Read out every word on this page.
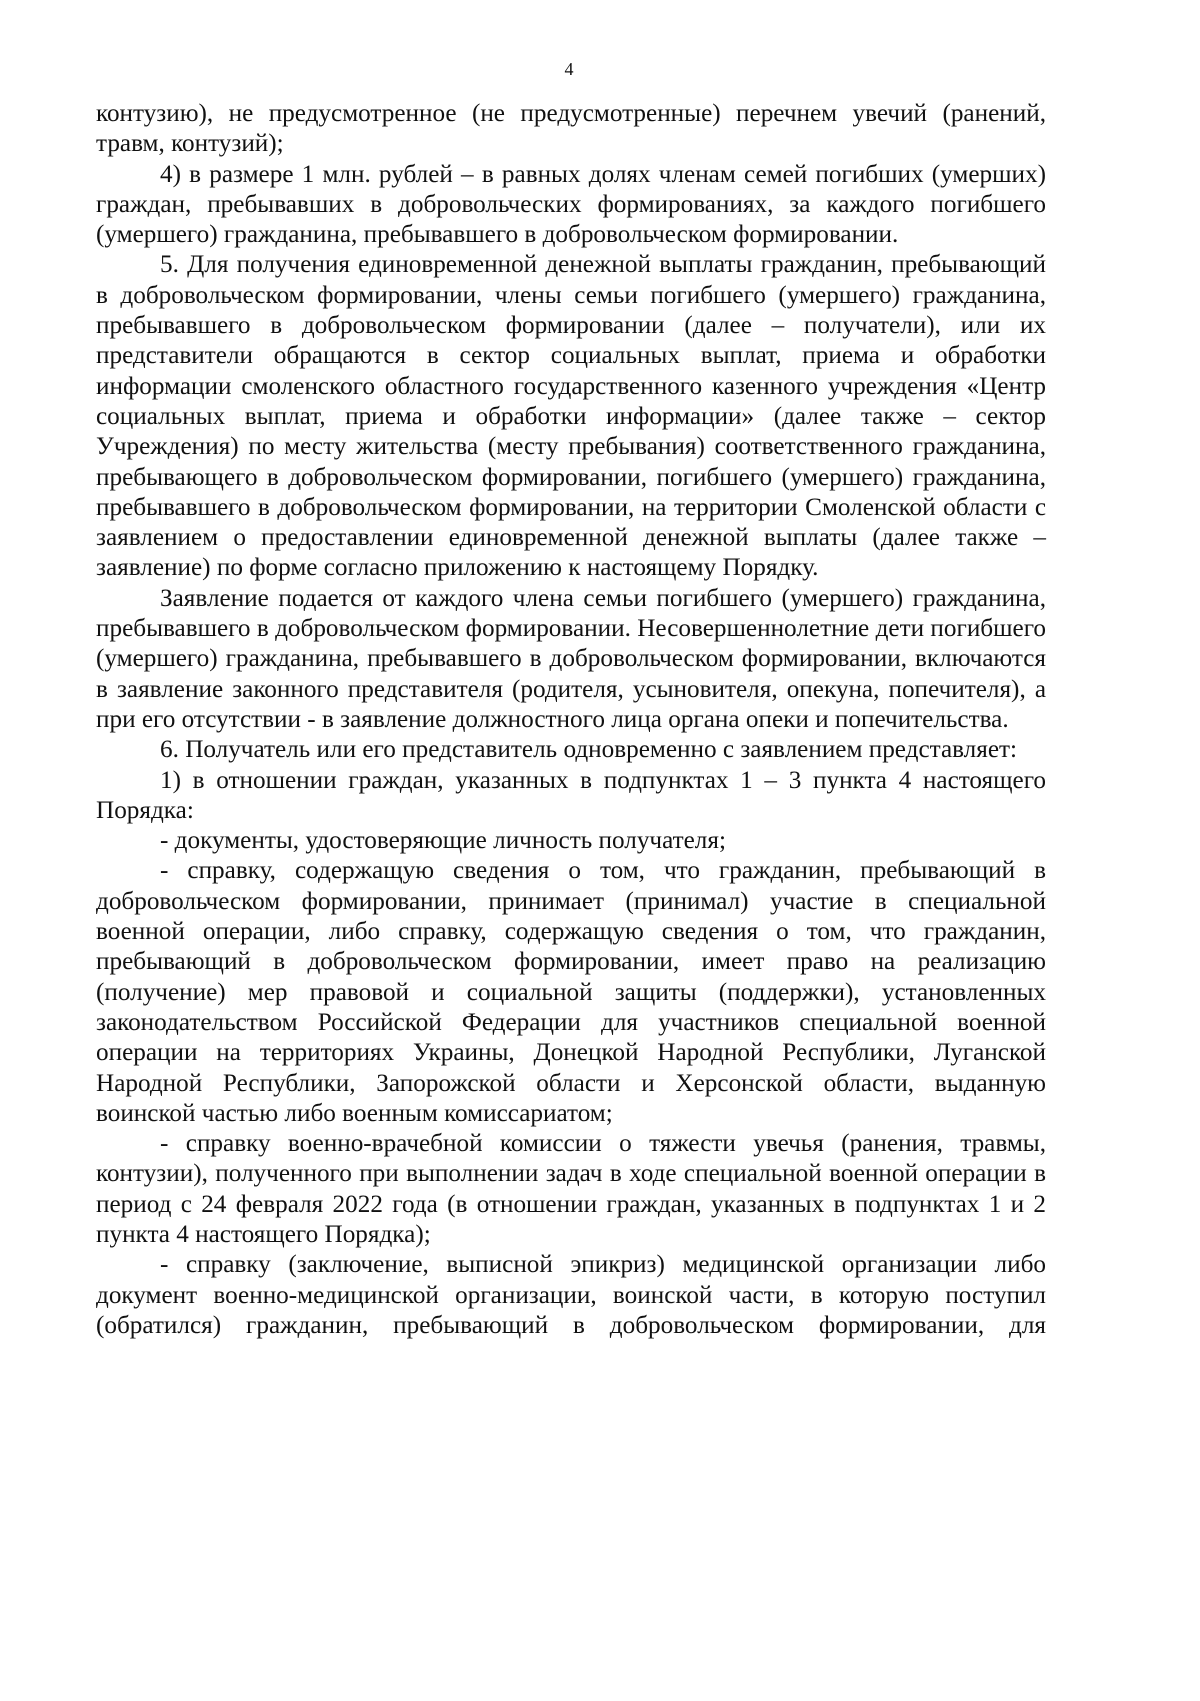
4

контузию), не предусмотренное (не предусмотренные) перечнем увечий (ранений, травм, контузий);

4) в размере 1 млн. рублей – в равных долях членам семей погибших (умерших) граждан, пребывавших в добровольческих формированиях, за каждого погибшего (умершего) гражданина, пребывавшего в добровольческом формировании.

5. Для получения единовременной денежной выплаты гражданин, пребывающий в добровольческом формировании, члены семьи погибшего (умершего) гражданина, пребывавшего в добровольческом формировании (далее – получатели), или их представители обращаются в сектор социальных выплат, приема и обработки информации смоленского областного государственного казенного учреждения «Центр социальных выплат, приема и обработки информации» (далее также – сектор Учреждения) по месту жительства (месту пребывания) соответственного гражданина, пребывающего в добровольческом формировании, погибшего (умершего) гражданина, пребывавшего в добровольческом формировании, на территории Смоленской области с заявлением о предоставлении единовременной денежной выплаты (далее также – заявление) по форме согласно приложению к настоящему Порядку.

Заявление подается от каждого члена семьи погибшего (умершего) гражданина, пребывавшего в добровольческом формировании. Несовершеннолетние дети погибшего (умершего) гражданина, пребывавшего в добровольческом формировании, включаются в заявление законного представителя (родителя, усыновителя, опекуна, попечителя), а при его отсутствии - в заявление должностного лица органа опеки и попечительства.

6. Получатель или его представитель одновременно с заявлением представляет:

1) в отношении граждан, указанных в подпунктах 1 – 3 пункта 4 настоящего Порядка:

- документы, удостоверяющие личность получателя;

- справку, содержащую сведения о том, что гражданин, пребывающий в добровольческом формировании, принимает (принимал) участие в специальной военной операции, либо справку, содержащую сведения о том, что гражданин, пребывающий в добровольческом формировании, имеет право на реализацию (получение) мер правовой и социальной защиты (поддержки), установленных законодательством Российской Федерации для участников специальной военной операции на территориях Украины, Донецкой Народной Республики, Луганской Народной Республики, Запорожской области и Херсонской области, выданную воинской частью либо военным комиссариатом;

- справку военно-врачебной комиссии о тяжести увечья (ранения, травмы, контузии), полученного при выполнении задач в ходе специальной военной операции в период с 24 февраля 2022 года (в отношении граждан, указанных в подпунктах 1 и 2 пункта 4 настоящего Порядка);

- справку (заключение, выписной эпикриз) медицинской организации либо документ военно-медицинской организации, воинской части, в которую поступил (обратился) гражданин, пребывающий в добровольческом формировании, для
